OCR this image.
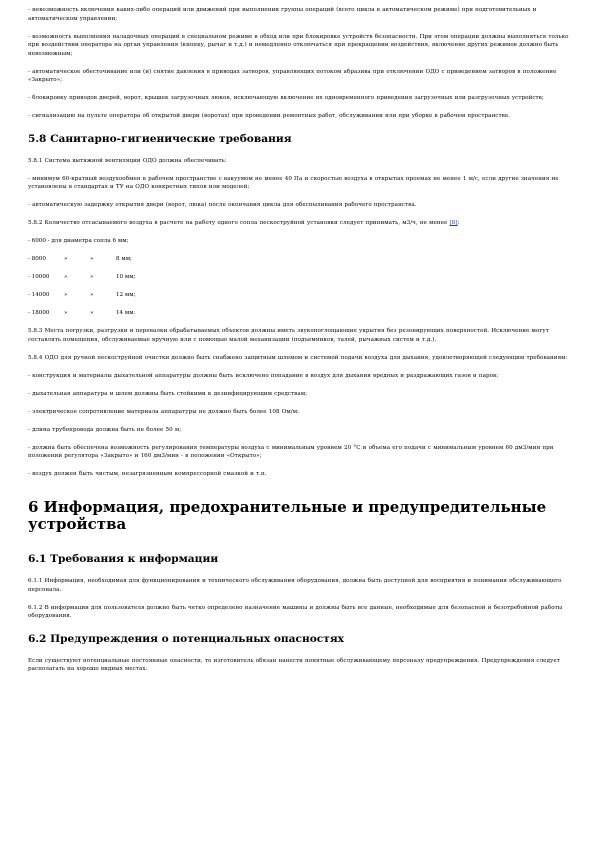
- невозможность включения каких-либо операций или движений при выполнении группы операций (всего цикла в автоматическом режиме) при подготовительных и автоматическом управлении;

- возможность выполнения наладочных операций в специальном режиме в обход или при блокировке устройств безопасности. При этом операции должны выполняться только при воздействии оператора на орган управления (кнопку, рычаг и т.д.) и немедленно отключаться при прекращении воздействия, включение других режимов должно быть невозможным;

- автоматическое обесточивание или (и) снятие давления в приводах затворов, управляющих потоком абразива при отключении ОДО с приведением затворов в положение «Закрыто»;

- блокировку приводов дверей, ворот, крышек загрузочных люков, исключающую включение их одновременного приведения загрузочных или разгрузочных устройств;

- сигнализацию на пульте оператора об открытой двери (воротах) при проведении ремонтных работ, обслуживании или при уборке в рабочем пространстве.

5.8 Санитарно-гигиенические требования

5.8.1 Система вытяжной вентиляции ОДО должна обеспечивать:

- минимум 60-кратный воздухообмен в рабочем пространстве с вакуумом не менее 40 Па и скоростью воздуха в открытых проемах не менее 1 м/с, если другие значения не установлены в стандартах и ТУ на ОДО конкретных типов или моделей;

- автоматическую задержку открытия двери (ворот, люка) после окончания цикла для обеспыливания рабочего пространства.

5.8.2 Количество отсасываемого воздуха в расчете на работу одного сопла пескоструйной установки следует принимать, м3/ч, не менее [8]:

- 6000 - для диаметра сопла 6 мм;
- 8000	»	»	8 мм;
- 10000	»	»	10 мм;
- 14000	»	»	12 мм;
- 18000	»	»	14 мм.

5.8.3 Места погрузки, разгрузки и перевалки обрабатываемых объектов должны иметь звукопоглощающие укрытия без резонирующих поверхностей. Исключение могут составлять помещения, обслуживаемые вручную или с помощью малой механизации (подъемников, талей, рычажных систем и т.д.).

5.8.4 ОДО для ручной пескоструйной очистки должно быть снабжено защитным шлемом и системой подачи воздуха для дыхания, удовлетворяющей следующим требованиям:

- конструкция и материалы дыхательной аппаратуры должны быть исключено попадание в воздух для дыхания вредных и раздражающих газов и паров;

- дыхательная аппаратура и шлем должны быть стойкими к дезинфицирующим средствам;

- электрическое сопротивление материала аппаратуры не должно быть более 108 Ом/м;

- длина трубопровода должна быть не более 50 м;

- должна быть обеспечена возможность регулирования температуры воздуха с минимальным уровнем 20 °С и объема его подачи с минимальным уровнем 60 дм3/мин при положении регулятора «Закрыто» и 160 дм3/мин - в положении «Открыто»;

- воздух должен быть чистым, незагрязненным компрессорной смазкой и т.п.

6 Информация, предохранительные и предупредительные устройства
6.1 Требования к информации

6.1.1 Информация, необходимая для функционирования и технического обслуживания оборудования, должна быть доступной для восприятия и понимания обслуживающего персонала.

6.1.2 В информации для пользователя должно быть четко определено назначение машины и должны быть все данные, необходимые для безопасной и безотребойной работы оборудования.

6.2 Предупреждения о потенциальных опасностях

Если существуют потенциальные постоянные опасности, то изготовитель обязан нанести понятные обслуживающему персоналу предупреждения. Предупреждения следует располагать на хорошо видных местах.
